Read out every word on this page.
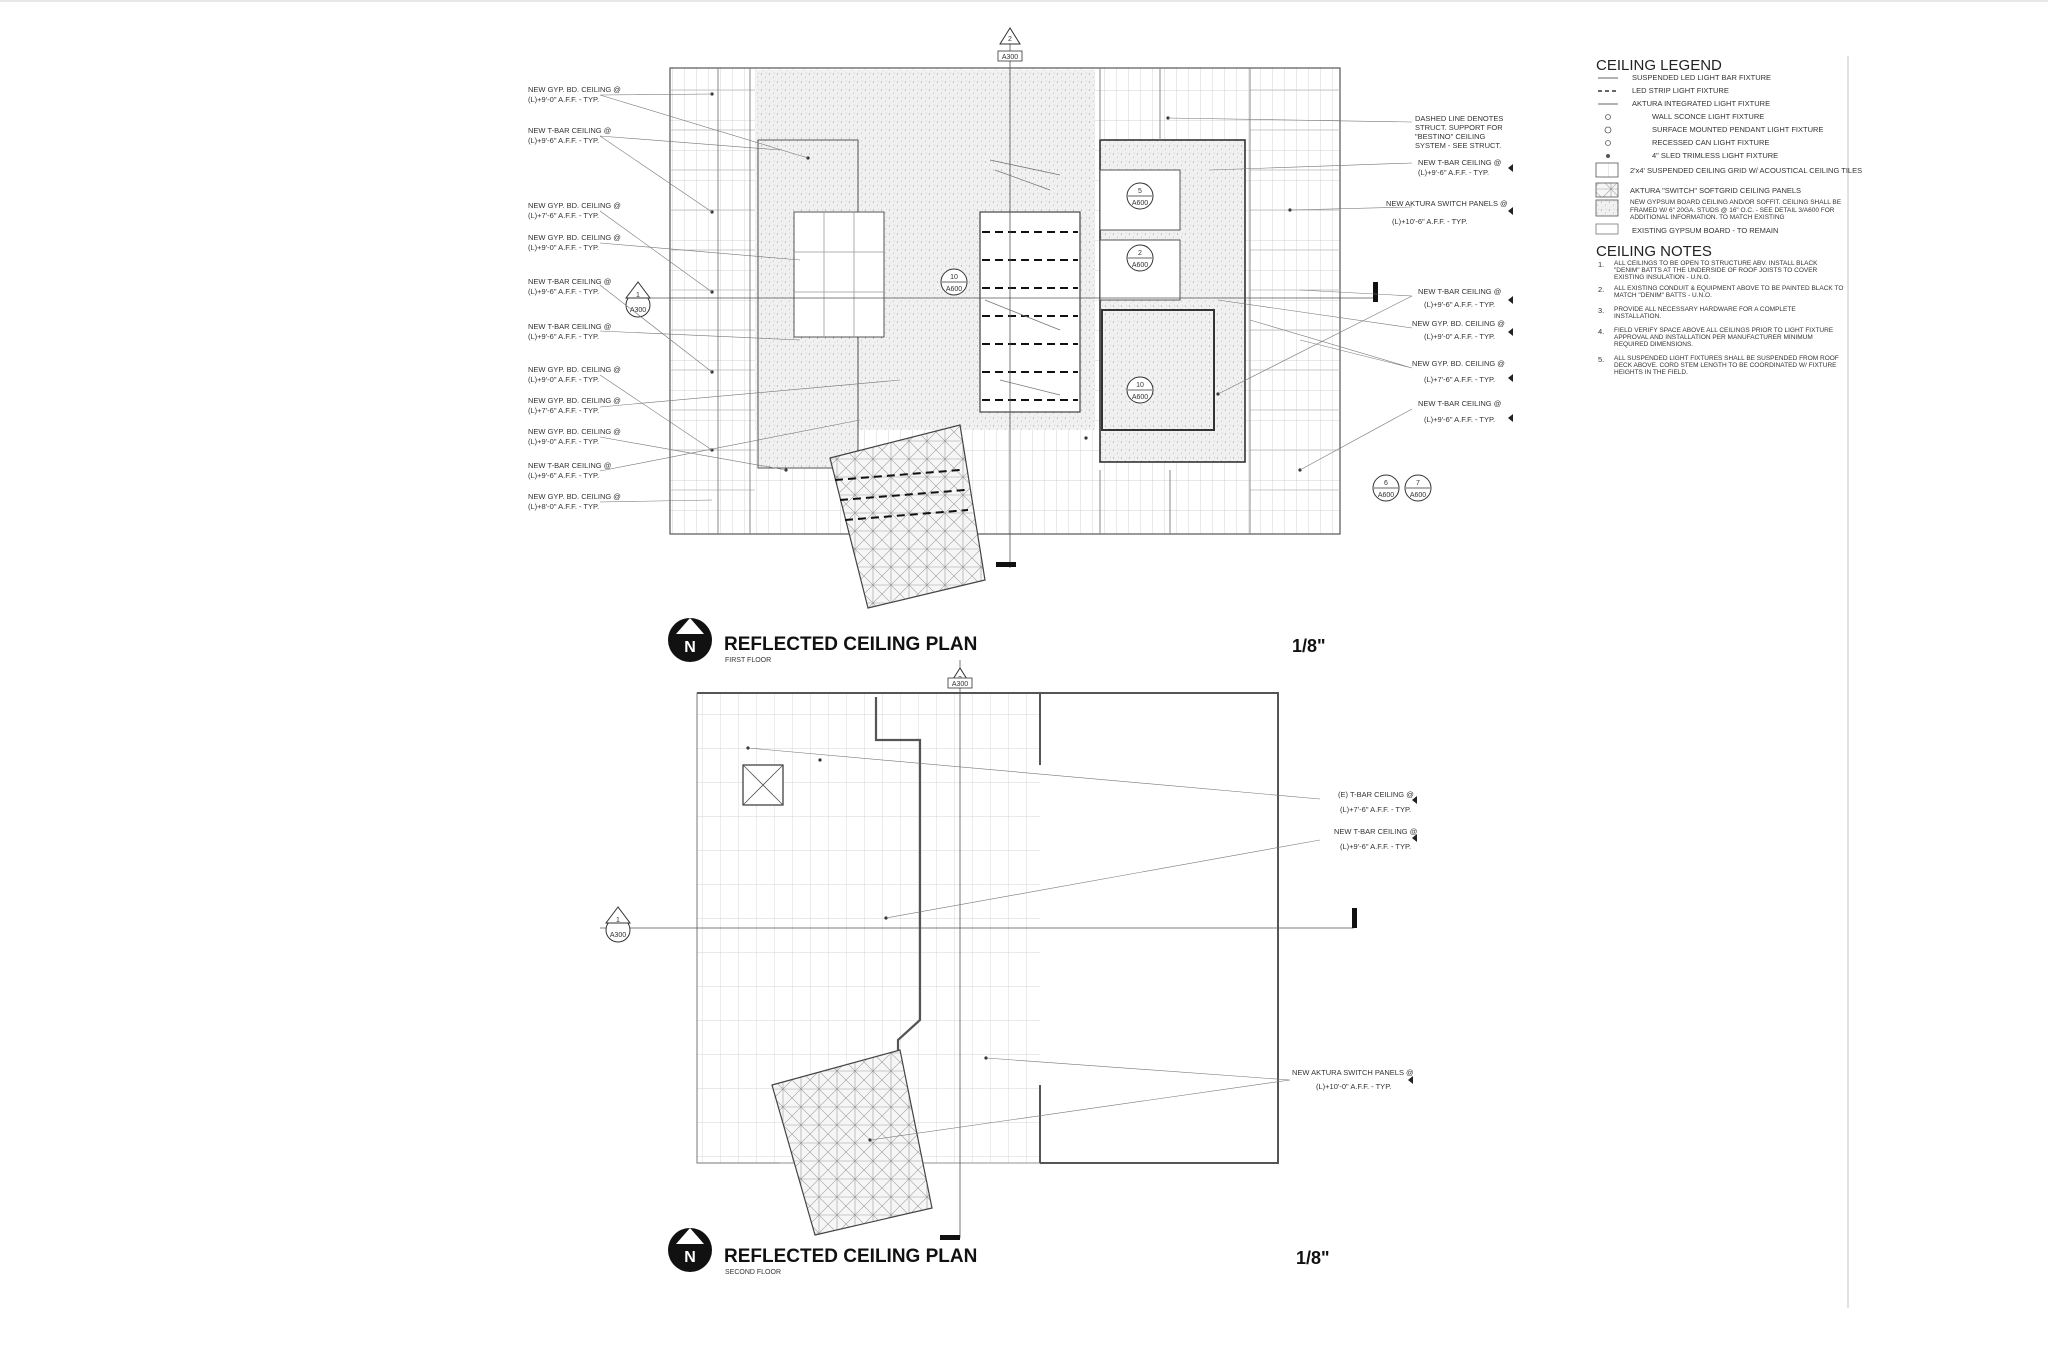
2
A300
1
A300
5
A600
2
A600
10
A600
10
A600
6
A600
7
A600
NEW GYP. BD. CEILING @
(L)+9'-0" A.F.F. - TYP.
NEW T-BAR CEILING @
(L)+9'-6" A.F.F. - TYP.
NEW GYP. BD. CEILING @
(L)+7'-6" A.F.F. - TYP.
NEW GYP. BD. CEILING @
(L)+9'-0" A.F.F. - TYP.
NEW T-BAR CEILING @
(L)+9'-6" A.F.F. - TYP.
NEW T-BAR CEILING @
(L)+9'-6" A.F.F. - TYP.
NEW GYP. BD. CEILING @
(L)+9'-0" A.F.F. - TYP.
NEW GYP. BD. CEILING @
(L)+7'-6" A.F.F. - TYP.
NEW GYP. BD. CEILING @
(L)+9'-0" A.F.F. - TYP.
NEW T-BAR CEILING @
(L)+9'-6" A.F.F. - TYP.
NEW GYP. BD. CEILING @
(L)+8'-0" A.F.F. - TYP.
DASHED LINE DENOTES
STRUCT. SUPPORT FOR
"BESTINO" CEILING
SYSTEM - SEE STRUCT.
NEW T-BAR CEILING @
(L)+9'-6" A.F.F. - TYP.
NEW AKTURA SWITCH PANELS @
(L)+10'-6" A.F.F. - TYP.
NEW T-BAR CEILING @
(L)+9'-6" A.F.F. - TYP.
NEW GYP. BD. CEILING @
(L)+9'-0" A.F.F. - TYP.
NEW GYP. BD. CEILING @
(L)+7'-6" A.F.F. - TYP.
NEW T-BAR CEILING @
(L)+9'-6" A.F.F. - TYP.
N REFLECTED CEILING PLAN
FIRST FLOOR
1/8"
A300
1
A300
(E) T-BAR CEILING @
(L)+7'-6" A.F.F. - TYP.
NEW T-BAR CEILING @
(L)+9'-6" A.F.F. - TYP.
NEW AKTURA SWITCH PANELS @
(L)+10'-0" A.F.F. - TYP.
N REFLECTED CEILING PLAN
SECOND FLOOR
1/8"
CEILING LEGEND
SUSPENDED LED LIGHT BAR FIXTURE
LED STRIP LIGHT FIXTURE
AKTURA INTEGRATED LIGHT FIXTURE
WALL SCONCE LIGHT FIXTURE
SURFACE MOUNTED PENDANT LIGHT FIXTURE
RECESSED CAN LIGHT FIXTURE
4" SLED TRIMLESS LIGHT FIXTURE
2'x4' SUSPENDED CEILING GRID W/ ACOUSTICAL CEILING TILES
AKTURA "SWITCH" SOFTGRID CEILING PANELS
NEW GYPSUM BOARD CEILING AND/OR SOFFIT. CEILING SHALL BE FRAMED W/ 6" 20GA. STUDS @ 16" O.C. - SEE DETAIL 3/A600 FOR ADDITIONAL INFORMATION. TO MATCH EXISTING
EXISTING GYPSUM BOARD - TO REMAIN
CEILING NOTES
1. ALL CEILINGS TO BE OPEN TO STRUCTURE ABV. INSTALL BLACK "DENIM" BATTS AT THE UNDERSIDE OF ROOF JOISTS TO COVER EXISTING INSULATION - U.N.O.
2. ALL EXISTING CONDUIT & EQUIPMENT ABOVE TO BE PAINTED BLACK TO MATCH "DENIM" BATTS - U.N.O.
3. PROVIDE ALL NECESSARY HARDWARE FOR A COMPLETE INSTALLATION.
4. FIELD VERIFY SPACE ABOVE ALL CEILINGS PRIOR TO LIGHT FIXTURE APPROVAL AND INSTALLATION PER MANUFACTURER MINIMUM REQUIRED DIMENSIONS.
5. ALL SUSPENDED LIGHT FIXTURES SHALL BE SUSPENDED FROM ROOF DECK ABOVE. CORD STEM LENGTH TO BE COORDINATED W/ FIXTURE HEIGHTS IN THE FIELD.
